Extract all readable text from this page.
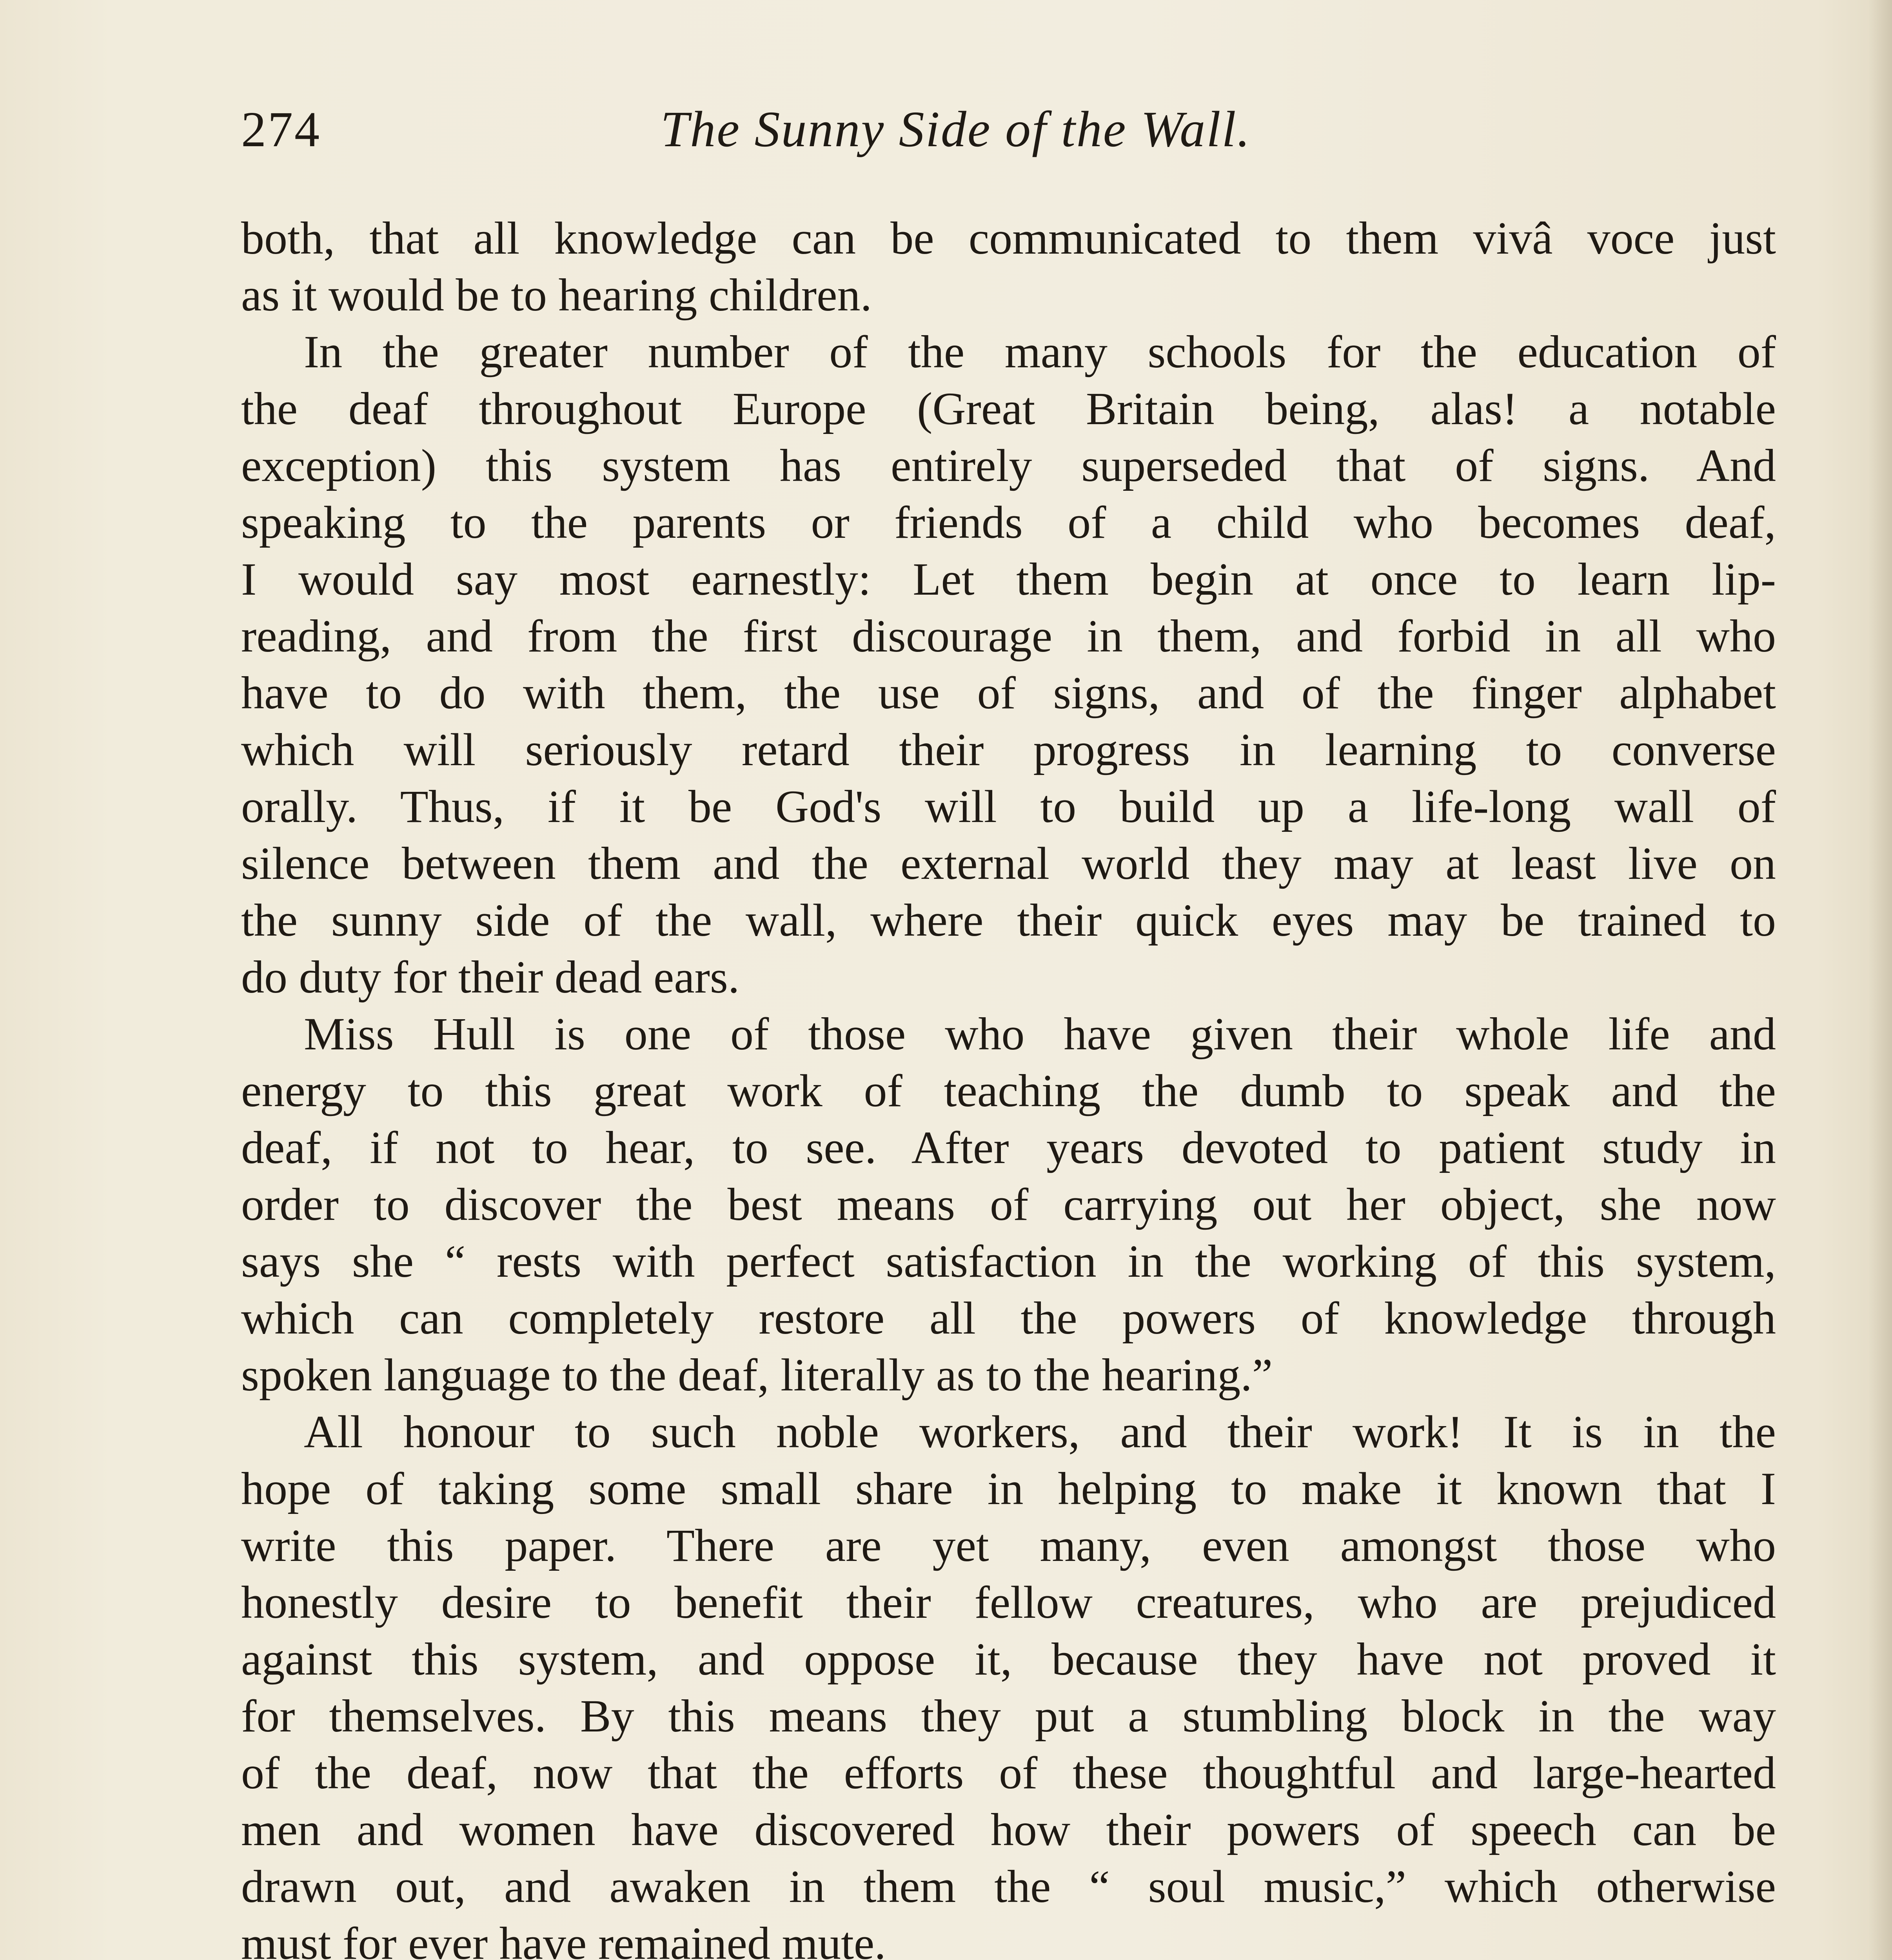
274	The Sunny Side of the Wall.
both, that all knowledge can be communicated to them vivâ voce just
as it would be to hearing children.
In the greater number of the many schools for the education of
the deaf throughout Europe (Great Britain being, alas! a notable
exception) this system has entirely superseded that of signs. And
speaking to the parents or friends of a child who becomes deaf,
I would say most earnestly: Let them begin at once to learn lip-
reading, and from the first discourage in them, and forbid in all who
have to do with them, the use of signs, and of the finger alphabet
which will seriously retard their progress in learning to converse
orally. Thus, if it be God's will to build up a life-long wall of
silence between them and the external world they may at least live on
the sunny side of the wall, where their quick eyes may be trained to
do duty for their dead ears.
Miss Hull is one of those who have given their whole life and
energy to this great work of teaching the dumb to speak and the
deaf, if not to hear, to see. After years devoted to patient study in
order to discover the best means of carrying out her object, she now
says she “ rests with perfect satisfaction in the working of this system,
which can completely restore all the powers of knowledge through
spoken language to the deaf, literally as to the hearing.”
All honour to such noble workers, and their work! It is in the
hope of taking some small share in helping to make it known that I
write this paper. There are yet many, even amongst those who
honestly desire to benefit their fellow creatures, who are prejudiced
against this system, and oppose it, because they have not proved it
for themselves. By this means they put a stumbling block in the way
of the deaf, now that the efforts of these thoughtful and large-hearted
men and women have discovered how their powers of speech can be
drawn out, and awaken in them the “ soul music,” which otherwise
must for ever have remained mute.
